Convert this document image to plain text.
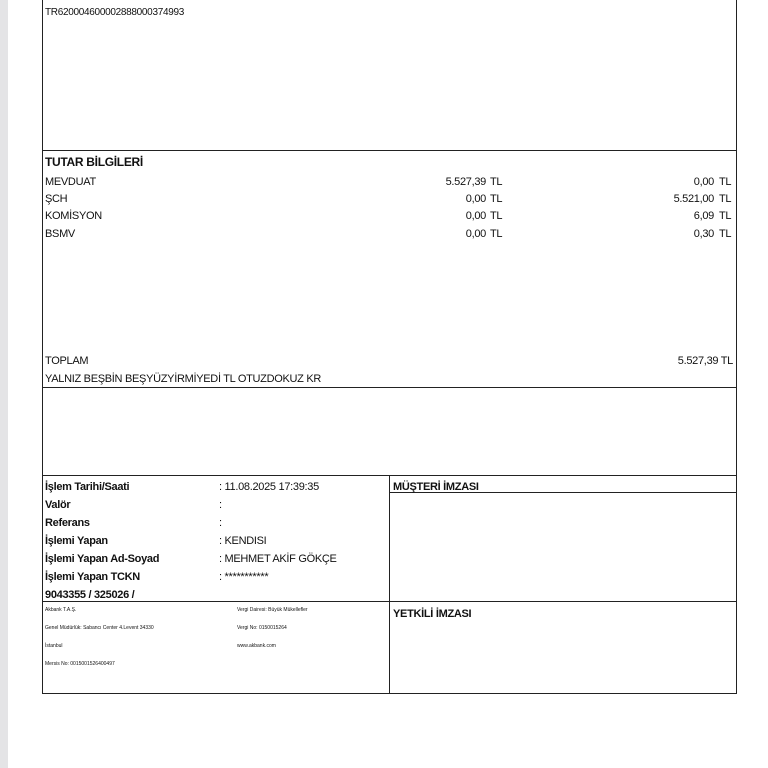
TR620004600002888000374993
TUTAR BİLGİLERİ
MEVDUAT	5.527,39 TL	0,00 TL
ŞCH	0,00 TL	5.521,00 TL
KOMİSYON	0,00 TL	6,09 TL
BSMV	0,00 TL	0,30 TL
TOPLAM	5.527,39 TL
YALNIZ BEŞBİN BEŞYÜZYİRMİYEDİ TL OTUZDOKUZ KR
MÜŞTERİ İMZASI
YETKİLİ İMZASI
İşlem Tarihi/Saati	: 11.08.2025 17:39:35
Valör	:
Referans	:
İşlemi Yapan	: KENDISI
İşlemi Yapan Ad-Soyad	: MEHMET AKİF GÖKÇE
İşlemi Yapan TCKN	: ***********
9043355 / 325026 /
Akbank T.A.Ş.
Genel Müdürlük: Sabancı Center 4.Levent 34330
İstanbul
Mersis No: 0015001526400497
Vergi Dairesi: Büyük Mükellefler
Vergi No: 0150015264
www.akbank.com
